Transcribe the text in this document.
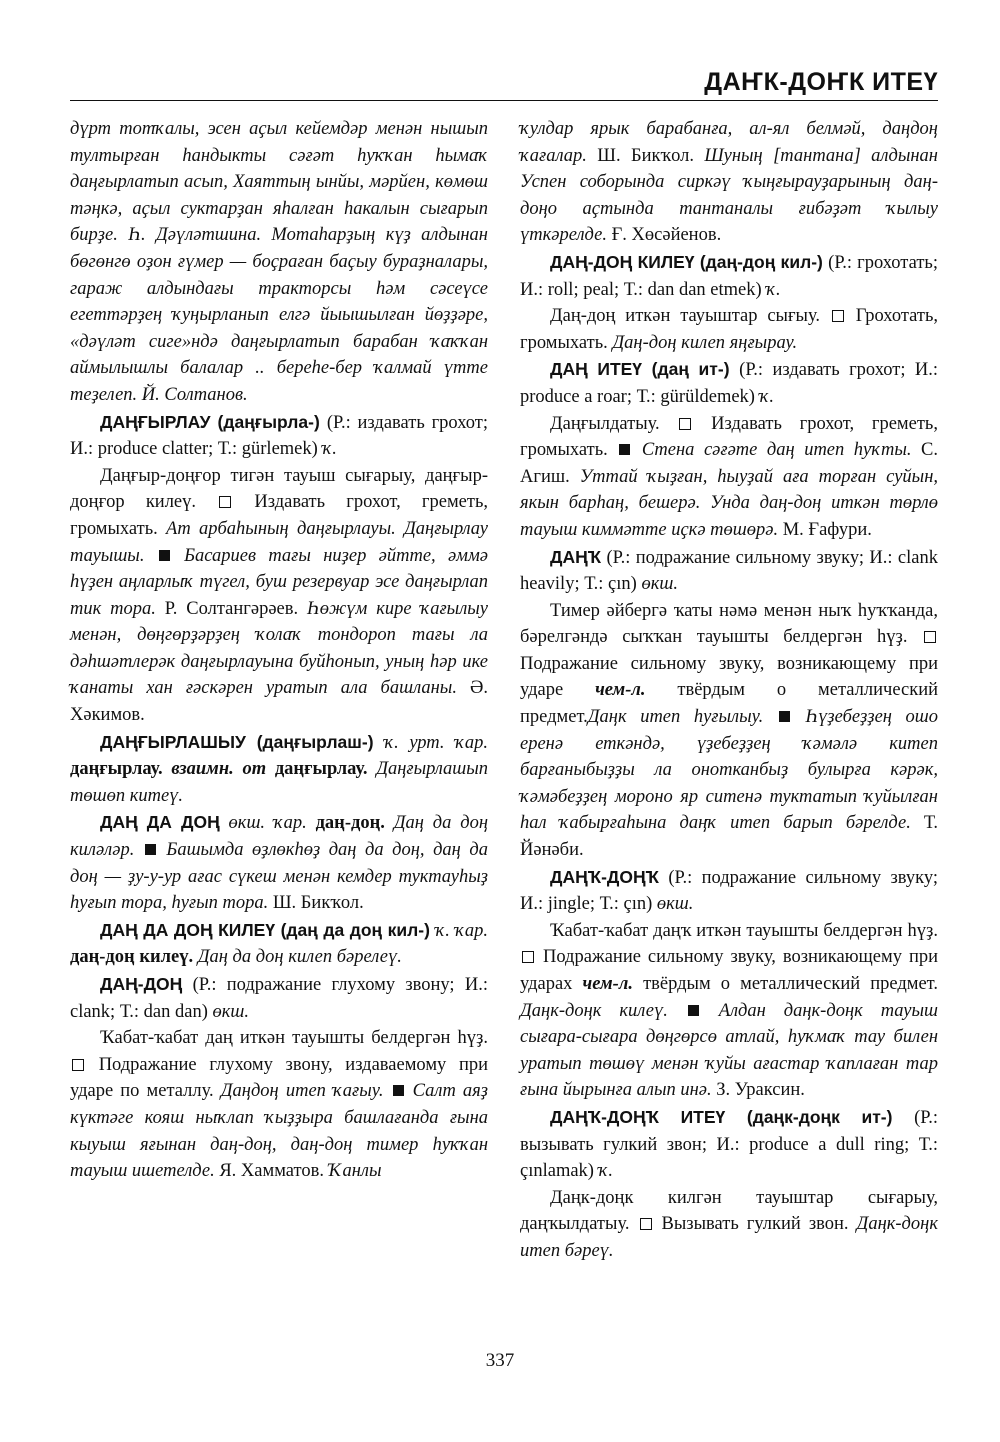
ДАҤК-ДОҤК ИТЕҮ

дүрт тотҡалы, эсен аҫыл кейемдәр менән нышып тултырған һандыкты сәғәт һуҡҡан һымаҡ даңғырлатып асып, Хаяттың ынйы, мәрйен, көмөш тәңкә, аҫыл суктарҙан яһалған һакалын сығарып бирҙе. Һ. Дәүләтшина. Мотаһарҙың күҙ алдынан бөгөнгө оҙон ғүмер — боҫраған баҫыу бураҙналары, гараж алдындағы тракторсы һәм сәсеүсе егеттәрҙең ҡуңырланып елгә йыышылған йөҙҙәре, «дәүләт сиге»ндә даңғырлатып барабан ҡаҡҡан аймылышлы балалар .. береһе-бер ҡалмай үтте теҙелеп. Й. Солтанов.

ДАҢҒЫРЛАУ (даңғырла-) (Р.: издавать грохот; И.: produce clatter; Т.: gürlemek) ҡ.

Даңғыр-доңғор тигән тауыш сығарыу, даңғыр-доңғор килеү.	Издавать грохот, греметь, громыхать. Ат арбаһының даңғырлауы. Даңғырлау тауышы. Басариев тағы ниҙер әйтте, әммә һүҙен аңларлыҡ түгел, буш резервуар эсе даңғырлап тик тора. Р. Солтангәрәев. Һөжүм кире ҡағылыу менән, дөңгөрҙәрҙең ҡолаҡ тондороп тағы ла дәһшәтлерәк даңғырлауына буйһонып, уның һәр ике ҡанаты хан ғәскәрен уратып ала башланы. Ә. Хәкимов.

ДАҢҒЫРЛАШЫУ (даңғырлаш-) ҡ. урт. ҡар. даңғырлау. взаимн. от даңғырлау. Даңғырлашып төшөп китеү.

ДАҢ ДА ДОҢ өкш. ҡар. даң-доң. Даң да доң киләләр. Башымда өҙлөкһөҙ даң да доң, даң да доң — ҙу-у-ур ағас сүкеш менән кемдер туктауһыҙ һуғып тора, һуғып тора. Ш. Бикҡол.

ДАҢ ДА ДОҢ КИЛЕҮ (даң да доң кил-) ҡ. ҡар. даң-доң килеү. Даң да доң килеп бәрелеү.

ДАҢ-ДОҢ (Р.: подражание глухому звону; И.: clank; Т.: dan dan) өкш.

Ҡабат-ҡабат даң иткән тауышты белдергән һүҙ.  Подражание глухому звону, издаваемому при ударе по металлу. Даңдоң итеп ҡағыу. Салт аяҙ күктәге кояш ныҡлап ҡыҙҙыра башлағанда ғына кыуыш яғынан даң-доң, даң-доң тимер һуҡҡан тауыш ишетелде. Я. Хамматов. Ҡанлы

ҡулдар ярык барабанға, ал-ял белмәй, даңдоң ҡағалар. Ш. Бикҡол. Шуның [тантана] алдынан Успен соборында сиркәү ҡыңғырауҙарының даң-доңо аҫтында тантаналы ғибәҙәт ҡылыу үткәрелде. Ғ. Хөсәйенов.

ДАҢ-ДОҢ КИЛЕҮ (даң-доң кил-) (Р.: грохотать; И.: roll; peal; Т.: dan dan etmek) ҡ.

Даң-доң иткән тауыштар сығыу. Грохотать, громыхать. Даң-доң килеп яңғырау.

ДАҢ ИТЕҮ (даң ит-) (Р.: издавать грохот; И.: produce a roar; Т.: gürüldemek) ҡ.

Даңғылдатыу.	Издавать грохот, греметь, громыхать. Стена сәғәте даң итеп һуҡты. С. Агиш. Уттай ҡыҙған, һыуҙай аға торған суйын, якын барһаң, бешерә. Унда даң-доң иткән төрлө тауыш киммәтте иҫкә төшөрә. М. Ғафури.

ДАҢҠ (Р.: подражание сильному звуку; И.: clank heavily; Т.: çın) өкш.

Тимер әйбергә ҡаты нәмә менән ныҡ һуҡҡанда, бәрелгәндә сыҡҡан тауышты белдергән һүҙ.  Подражание сильному звуку, возникающему при ударе чем-л. твёрдым о металлический предмет.Даңк итеп һуғылыу. Һүҙебеҙҙең ошо еренә еткәндә, үҙебеҙҙең ҡәмәлә китеп барғаныбыҙҙы ла онотканбыҙ булырға кәрәк, ҡәмәбеҙҙең мороно яр ситенә туктатып ҡуйылған һал ҡабырғаһына даңҡ итеп барып бәрелде. Т. Йәнәби.

ДАҢҠ-ДОҢҠ (Р.: подражание сильному звуку; И.: jingle; Т.: çın) өкш.

Ҡабат-ҡабат даңҡ иткән тауышты белдергән һүҙ.  Подражание сильному звуку, возникающему при ударах чем-л. твёрдым о металлический предмет. Даңк-доңк килеү.	Алдан даңк-доңк тауыш сығара-сығара дөңгөрсө атлай, һуҡмаҡ тау билен уратып төшөү менән ҡуйы ағастар ҡаплаған тар ғына йырынға алып инә. З. Ураксин.

ДАҢҠ-ДОҢҠ ИТЕҮ (даңк-доңк ит-) (Р.: вызывать гулкий звон; И.: produce a dull ring; Т.: çınlamak) ҡ.

Даңк-доңк килгән тауыштар сығарыу, даңҡылдатыу. Вызывать гулкий звон. Даңк-доңк итеп бәреү.

337
